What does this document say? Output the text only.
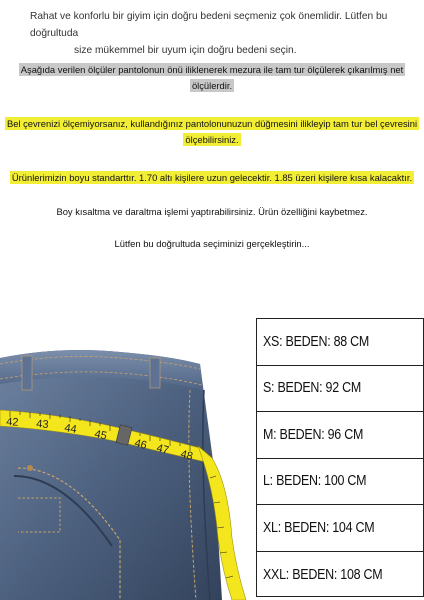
Rahat ve konforlu bir giyim için doğru bedeni seçmeniz çok önemlidir. Lütfen bu doğrultuda
size mükemmel bir uyum için doğru bedeni seçin.
Aşağıda verilen ölçüler pantolonun önü iliklenerek mezura ile tam tur ölçülerek çıkarılmış net
ölçülerdir.
Bel çevrenizi ölçemiyorsanız, kullandığınız pantolonunuzun düğmesini ilikleyip tam tur bel çevresini
ölçebilirsiniz.
Ürünlerimizin boyu standarttır. 1.70 altı kişilere uzun gelecektir. 1.85 üzeri kişilere kısa kalacaktır.
Boy kısaltma ve daraltma işlemi yaptırabilirsiniz. Ürün özelliğini kaybetmez.
Lütfen bu doğrultuda seçiminizi gerçekleştirin...
42 43 44 45
46 47 48
XS: BEDEN: 88 CM
S: BEDEN: 92 CM
M: BEDEN: 96 CM
L: BEDEN: 100 CM
XL: BEDEN: 104 CM
XXL: BEDEN: 108 CM
